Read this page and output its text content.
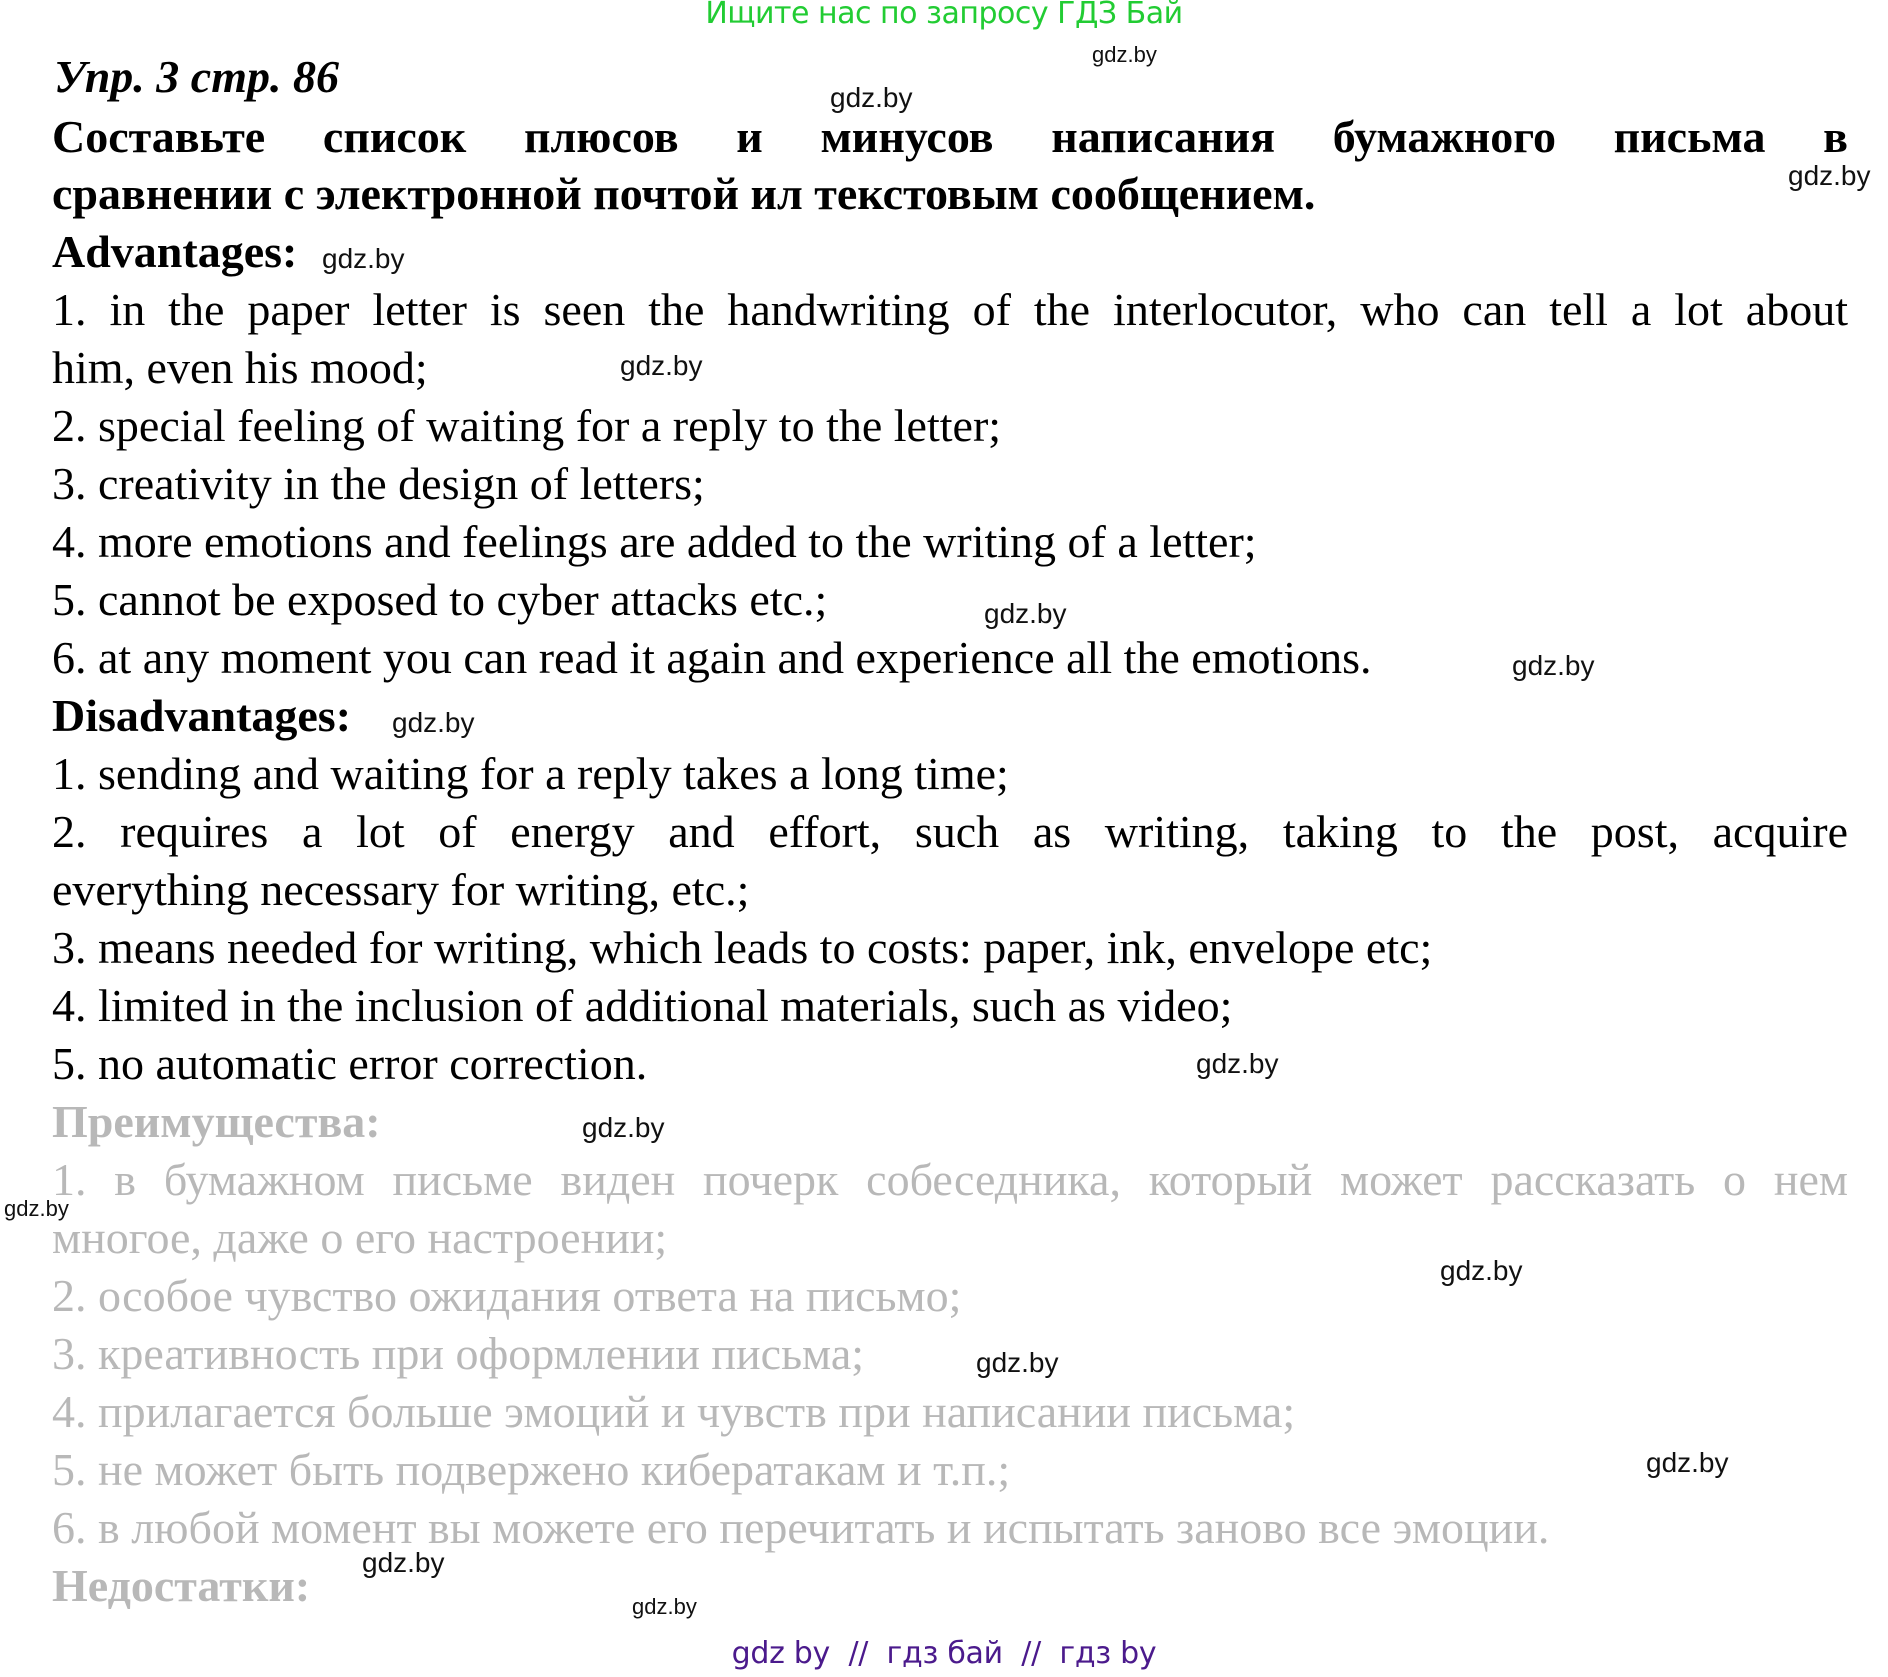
Ищите нас по запросу ГДЗ Бай
gdz.by
gdz.by
gdz.by
Упр. 3 стр. 86
Составьте список плюсов и минусов написания бумажного письма в
сравнении с электронной почтой ил текстовым сообщением.
Advantages: gdz.by
1. in the paper letter is seen the handwriting of the interlocutor, who can tell a lot about
him, even his mood;	gdz.by
2. special feeling of waiting for a reply to the letter;
3. creativity in the design of letters;
4. more emotions and feelings are added to the writing of a letter;
5. cannot be exposed to cyber attacks etc.;	gdz.by
6. at any moment you can read it again and experience all the emotions.	gdz.by
Disadvantages: gdz.by
1. sending and waiting for a reply takes a long time;
2. requires a lot of energy and effort, such as writing, taking to the post, acquire
everything necessary for writing, etc.;
3. means needed for writing, which leads to costs: paper, ink, envelope etc;
4. limited in the inclusion of additional materials, such as video;
5. no automatic error correction.	gdz.by
Преимущества:	gdz.by
1. в бумажном письме виден почерк собеседника, который может рассказать о нем
gdz.by
многое, даже о его настроении;
gdz.by
2. особое чувство ожидания ответа на письмо;
3. креативность при оформлении письма;	gdz.by
4. прилагается больше эмоций и чувств при написании письма;
5. не может быть подвержено кибератакам и т.п.;	gdz.by
6. в любой момент вы можете его перечитать и испытать заново все эмоции.
Недостатки: gdz.by
gdz.by
gdz by  //  гдз бай  //  гдз by
